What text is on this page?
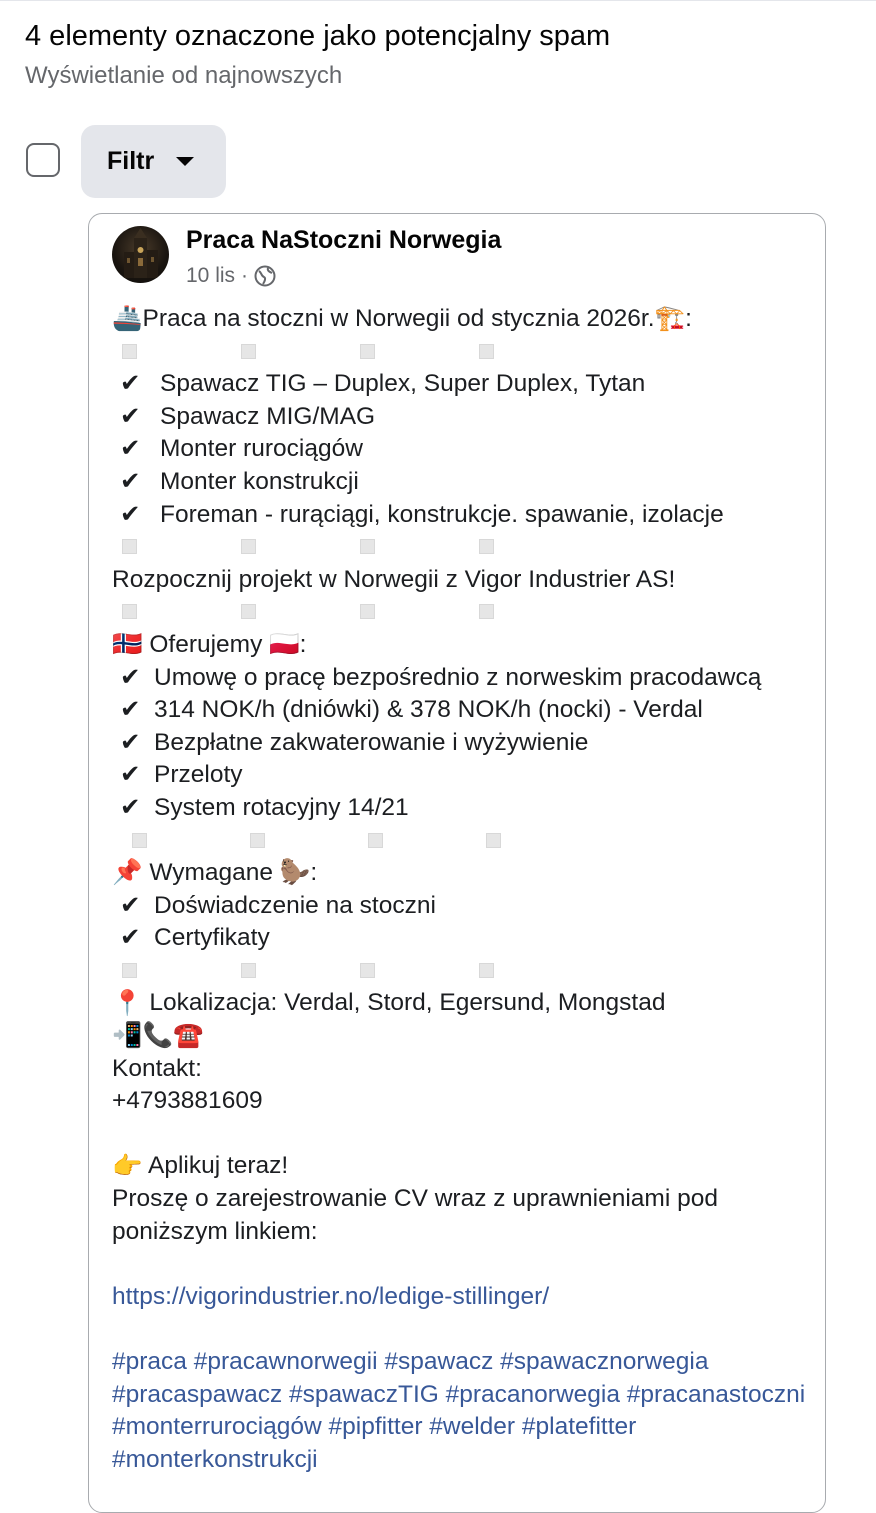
4 elementy oznaczone jako potencjalny spam
Wyświetlanie od najnowszych
Filtr
Praca NaStoczni Norwegia
10 lis ·
🚢Praca na stoczni w Norwegii od stycznia 2026r.🏗️:
✔ Spawacz TIG – Duplex, Super Duplex, Tytan
✔ Spawacz MIG/MAG
✔ Monter rurociągów
✔ Monter konstrukcji
✔ Foreman - rurąciągi, konstrukcje. spawanie, izolacje
Rozpocznij projekt w Norwegii z Vigor Industrier AS!
🇳🇴 Oferujemy 🇵🇱:
✔ Umowę o pracę bezpośrednio z norweskim pracodawcą
✔ 314 NOK/h (dniówki) & 378 NOK/h (nocki) - Verdal
✔ Bezpłatne zakwaterowanie i wyżywienie
✔ Przeloty
✔ System rotacyjny 14/21
📌 Wymagane 🦫:
✔ Doświadczenie na stoczni
✔ Certyfikaty
📍 Lokalizacja: Verdal, Stord, Egersund, Mongstad
📲📞☎️
Kontakt:
+4793881609
👉 Aplikuj teraz!
Proszę o zarejestrowanie CV wraz z uprawnieniami pod poniższym linkiem:
https://vigorindustrier.no/ledige-stillinger/
#praca #pracawnorwegii #spawacz #spawacznorwegia #pracaspawacz #spawaczTIG #pracanorwegia #pracanastoczni #monterrurociągów #pipfitter #welder #platefitter #monterkonstrukcji
